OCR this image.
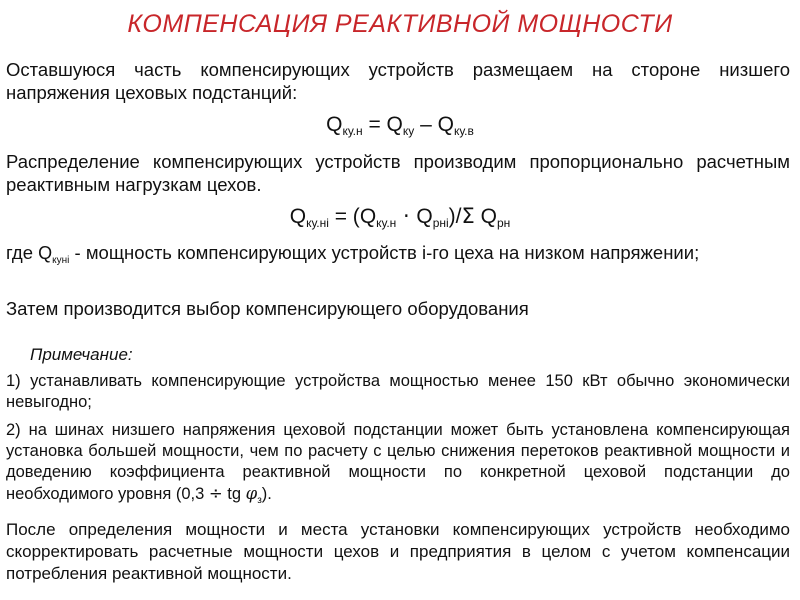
КОМПЕНСАЦИЯ РЕАКТИВНОЙ МОЩНОСТИ
Оставшуюся часть компенсирующих устройств размещаем на стороне низшего напряжения цеховых подстанций:
$Q_{ку.н} = Q_{ку} - Q_{ку.в}$
Распределение компенсирующих устройств производим пропорционально расчетным реактивным нагрузкам цехов.
$Q_{ку.нi} = (Q_{ку.н} \cdot Q_{рнi})/\Sigma$ $Q_{рн}$
где $Q_{кунi}$ - мощность компенсирующих устройств i-го цеха на низком напряжении;
Затем производится выбор компенсирующего оборудования
Примечание:
1) устанавливать компенсирующие устройства мощностью менее 150 кВт обычно экономически невыгодно;
2) на шинах низшего напряжения цеховой подстанции может быть установлена компенсирующая установка большей мощности, чем по расчету с целью снижения перетоков реактивной мощности и доведению коэффициента реактивной мощности по конкретной цеховой подстанции до необходимого уровня (0,3 ÷ tg $\varphi_з$).
После определения мощности и места установки компенсирующих устройств необходимо скорректировать расчетные мощности цехов и предприятия в целом с учетом компенсации потребления реактивной мощности.
